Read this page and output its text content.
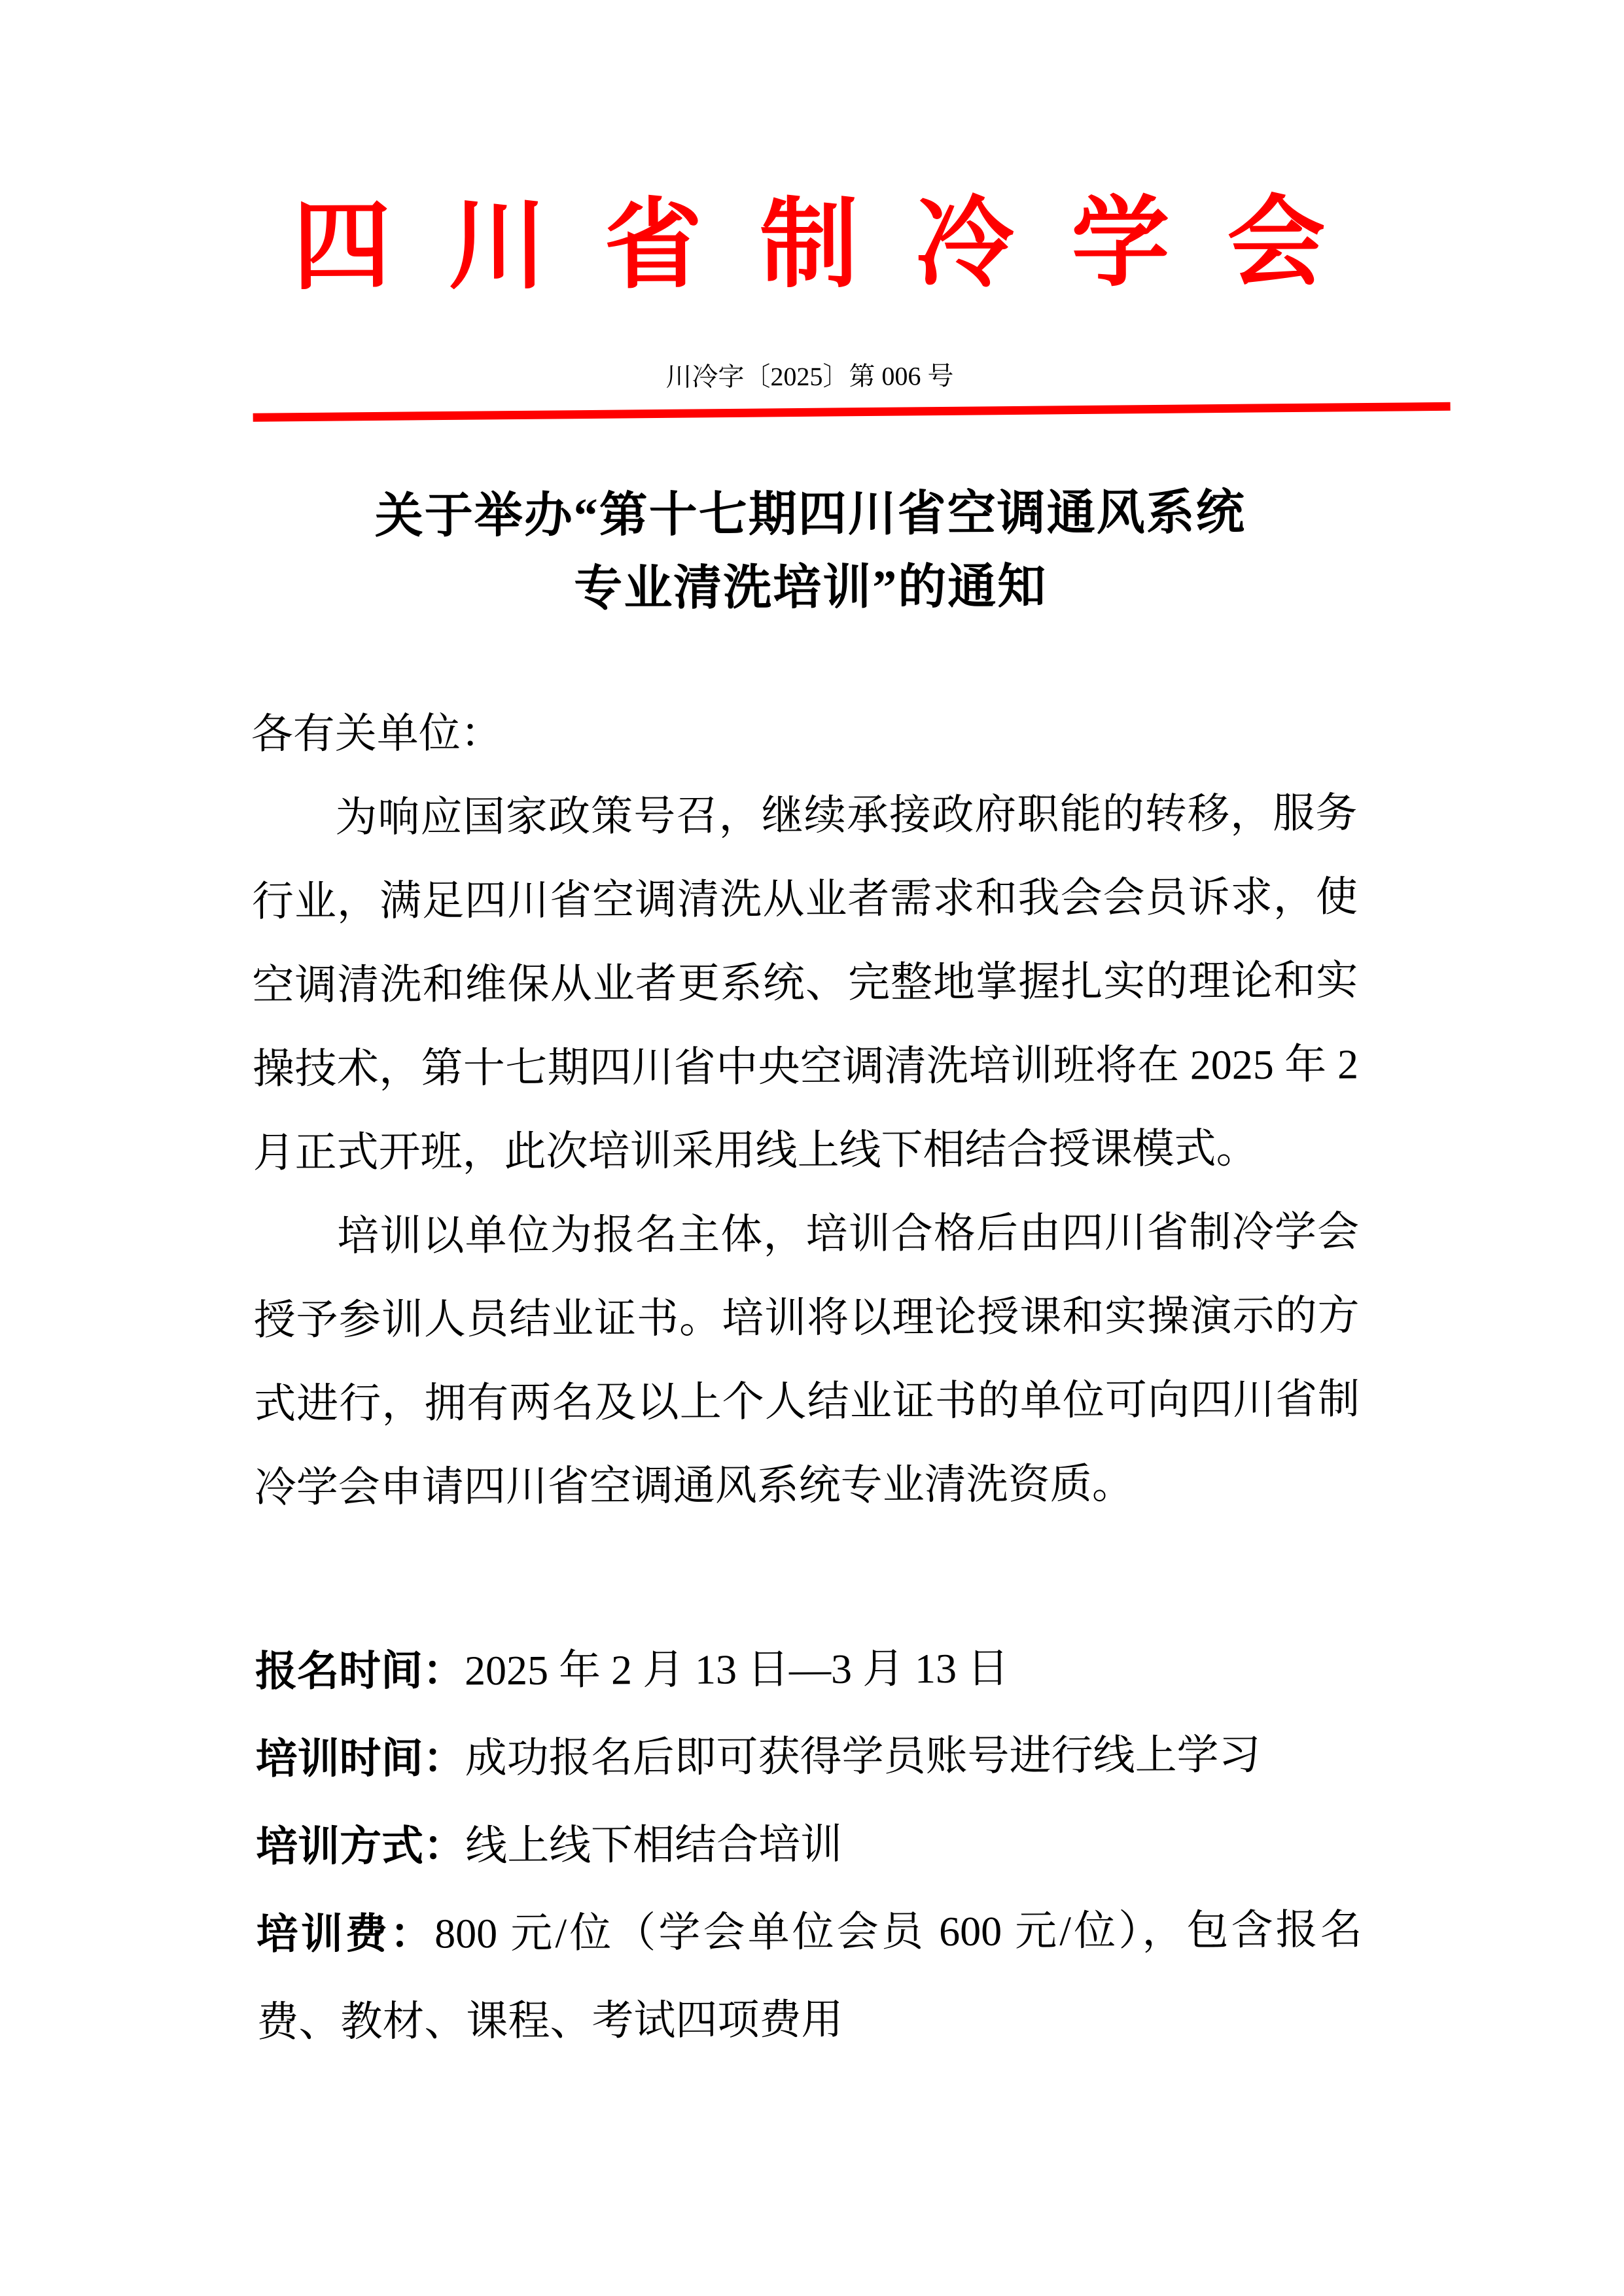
四川省制冷学会
川冷字〔2025〕第 006 号
关于举办“第十七期四川省空调通风系统
专业清洗培训”的通知

各有关单位：

为响应国家政策号召，继续承接政府职能的转移，服务行业，满足四川省空调清洗从业者需求和我会会员诉求，使空调清洗和维保从业者更系统、完整地掌握扎实的理论和实操技术，第十七期四川省中央空调清洗培训班将在 2025 年 2 月正式开班，此次培训采用线上线下相结合授课模式。

培训以单位为报名主体，培训合格后由四川省制冷学会授予参训人员结业证书。培训将以理论授课和实操演示的方式进行，拥有两名及以上个人结业证书的单位可向四川省制冷学会申请四川省空调通风系统专业清洗资质。

报名时间：2025 年 2 月 13 日—3 月 13 日

培训时间：成功报名后即可获得学员账号进行线上学习

培训方式：线上线下相结合培训

培训费：800 元/位（学会单位会员 600 元/位），包含报名费、教材、课程、考试四项费用
